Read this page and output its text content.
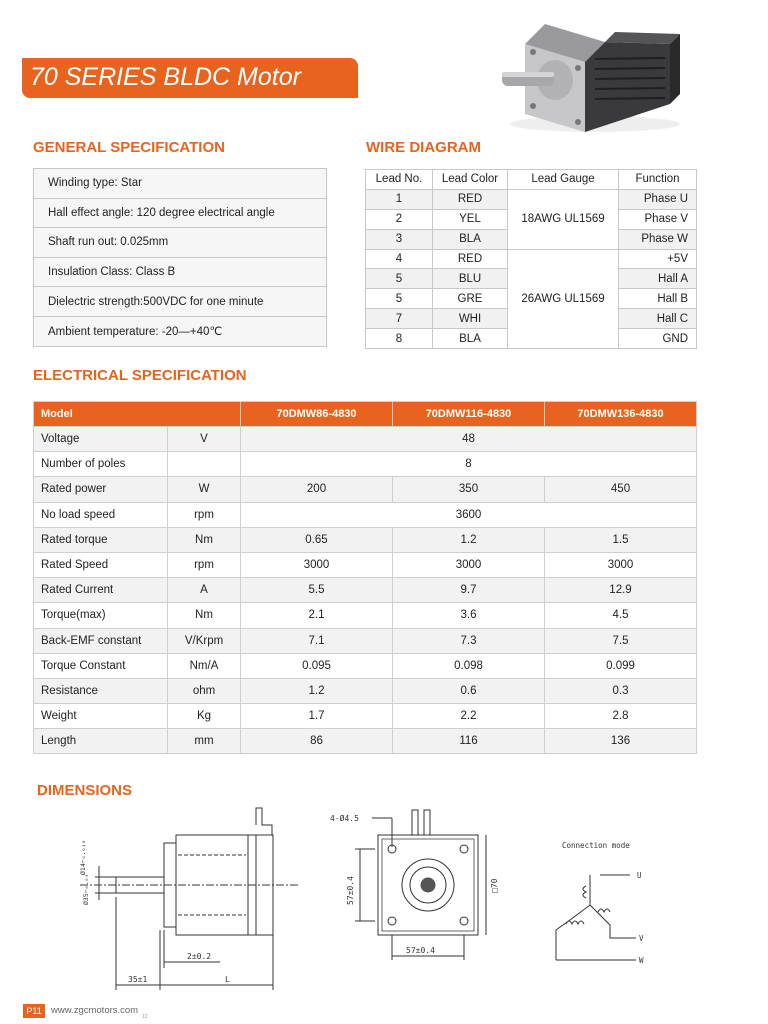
70 SERIES BLDC Motor
GENERAL SPECIFICATION	WIRE DIAGRAM
ELECTRICAL SPECIFICATION
DIMENSIONS
Winding type: Star
Hall effect angle: 120 degree electrical angle
Shaft run out: 0.025mm
Insulation Class: Class B
Dielectric strength:500VDC for one minute
Ambient temperature: -20—+40℃
Lead No.	Lead Color	Lead Gauge	Function
1	RED	18AWG UL1569	Phase U
2	YEL		Phase V
3	BLA		Phase W
4	RED	26AWG UL1569	+5V
5	BLU		Hall A
5	GRE		Hall B
7	WHI		Hall C
8	BLA		GND
Model		70DMW86-4830	70DMW116-4830	70DMW136-4830
Voltage	V	48		
Number of poles		8		
Rated power	W	200	350	450
No load speed	rpm	3600		
Rated torque	Nm	0.65	1.2	1.5
Rated Speed	rpm	3000	3000	3000
Rated Current	A	5.5	9.7	12.9
Torque(max)	Nm	2.1	3.6	4.5
Back-EMF constant	V/Krpm	7.1	7.3	7.5
Torque Constant	Nm/A	0.095	0.098	0.099
Resistance	ohm	1.2	0.6	0.3
Weight	Kg	1.7	2.2	2.8
Length	mm	86	116	136
Ø14−₀.₀₁₈
Ø35−₀.₀₅
2±0.2
35±1	L
4-Ø4.5
57±0.4
57±0.4
□70
Connection mode
U
V
W
P11 www.zgcmotors.com
12
